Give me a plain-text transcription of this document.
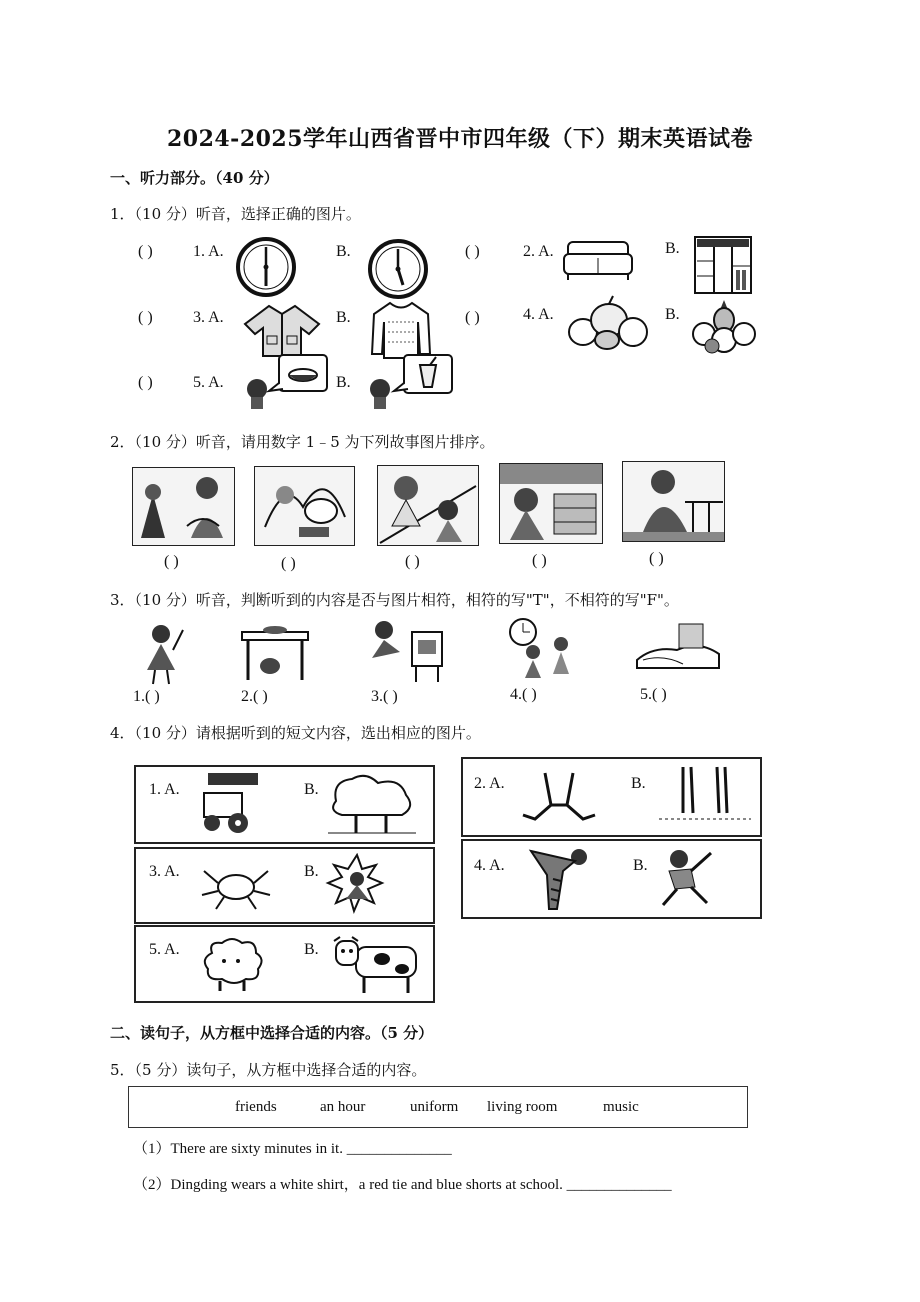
2024-2025学年山西省晋中市四年级（下）期末英语试卷
一、听力部分。（40 分）
1．（10 分）听音，选择正确的图片。
( )	1. A.	B.	( )	2. A.	B.
( )	3. A.	B.	( )	4. A.	B.
( )	5. A.	B.
2．（10 分）听音，请用数字 1﹣5 为下列故事图片排序。
( )	( )	( )	( )	( )
3．（10 分）听音，判断听到的内容是否与图片相符，相符的写"T"，不相符的写"F"。
1.( )	2.( )	3.( )	4.( )	5.( )
4．（10 分）请根据听到的短文内容，选出相应的图片。
1. A.	B.	2. A.	B.
3. A.	B.	4. A.	B.
5. A.	B.
二、读句子，从方框中选择合适的内容。（5 分）
5．（5 分）读句子，从方框中选择合适的内容。
friends	an hour	uniform living room	music
（1）There are sixty minutes in it. ______________
（2）Dingding wears a white shirt，a red tie and blue shorts at school. ______________
